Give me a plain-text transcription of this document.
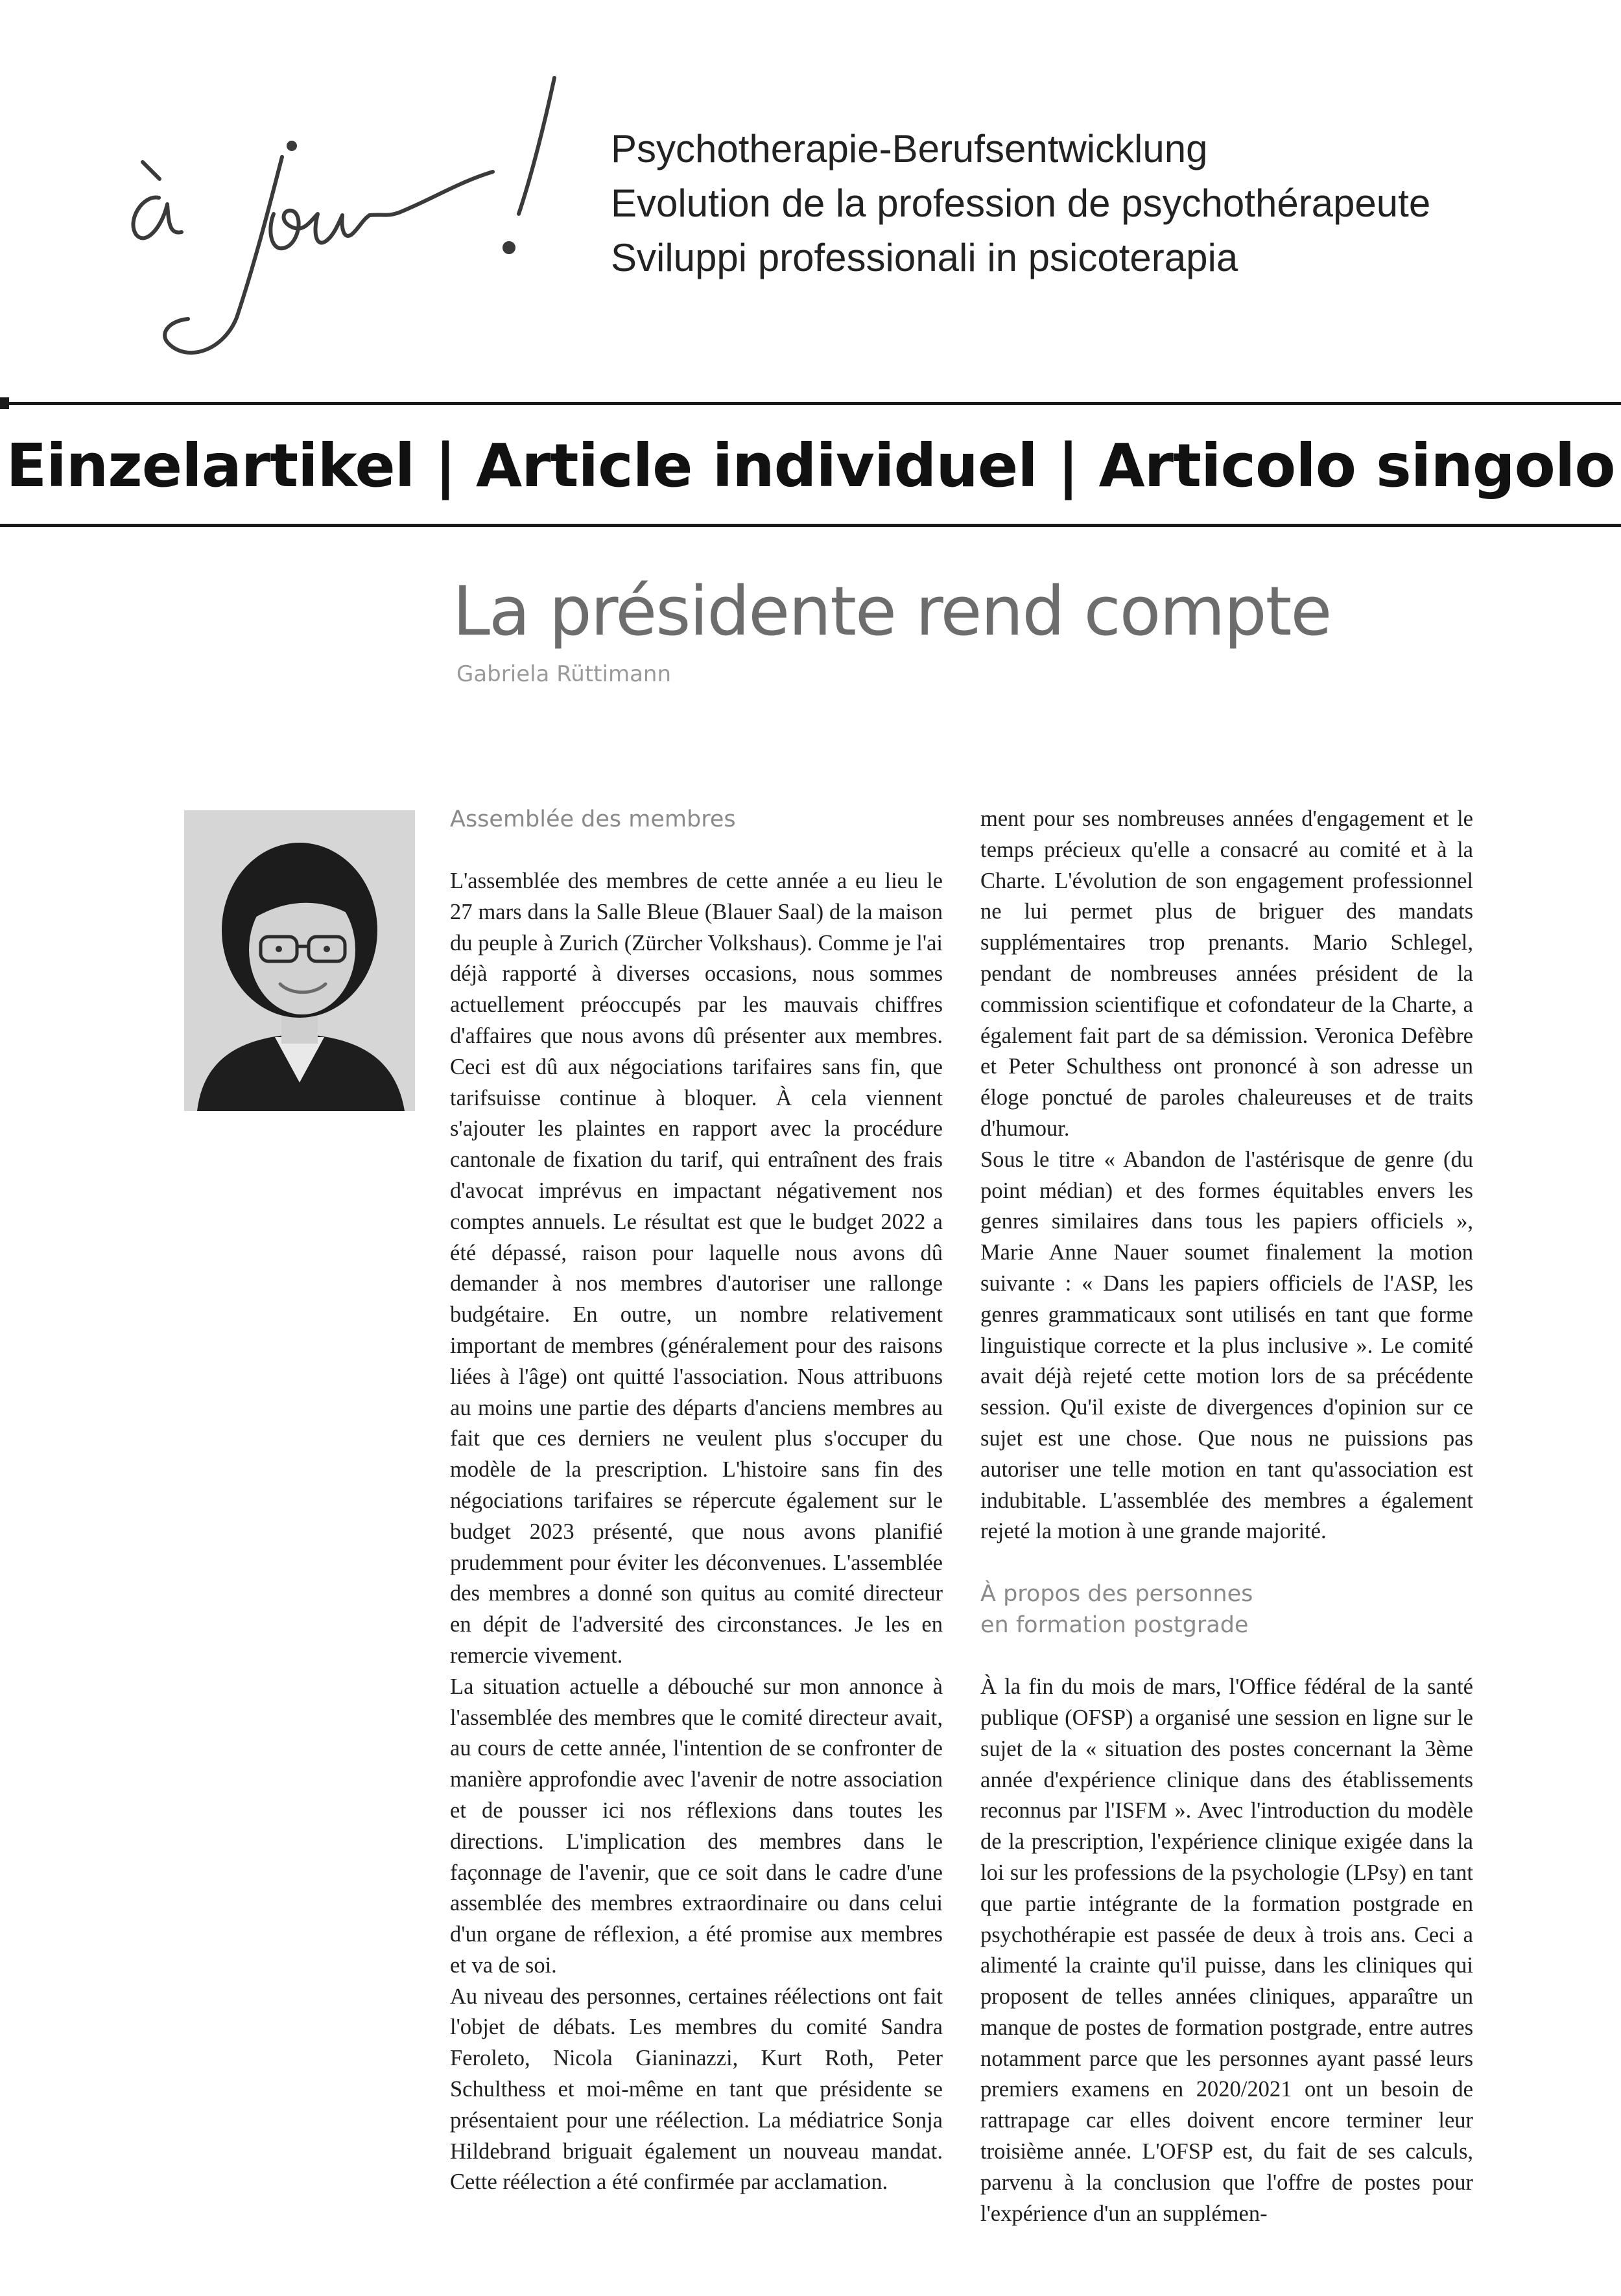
Psychotherapie-Berufsentwicklung
Evolution de la profession de psychothérapeute
Sviluppi professionali in psicoterapia
Einzelartikel | Article individuel | Articolo singolo
La présidente rend compte
Gabriela Rüttimann
Assemblée des membres

L'assemblée des membres de cette année a eu lieu le 27 mars dans la Salle Bleue (Blauer Saal) de la maison du peuple à Zurich (Zürcher Volkshaus). Comme je l'ai déjà rapporté à diverses occasions, nous sommes actuellement préoccupés par les mauvais chiffres d'affaires que nous avons dû présenter aux membres. Ceci est dû aux négociations tarifaires sans fin, que tarifsuisse continue à bloquer. À cela viennent s'ajouter les plaintes en rapport avec la procédure cantonale de fixation du tarif, qui entraînent des frais d'avocat imprévus en impactant négativement nos comptes annuels. Le résultat est que le budget 2022 a été dépassé, raison pour laquelle nous avons dû demander à nos membres d'autoriser une rallonge budgétaire. En outre, un nombre relativement important de membres (généralement pour des raisons liées à l'âge) ont quitté l'association. Nous attribuons au moins une partie des départs d'anciens membres au fait que ces derniers ne veulent plus s'occuper du modèle de la prescription. L'histoire sans fin des négociations tarifaires se répercute également sur le budget 2023 présenté, que nous avons planifié prudemment pour éviter les déconvenues. L'assemblée des membres a donné son quitus au comité directeur en dépit de l'adversité des circonstances. Je les en remercie vivement.

La situation actuelle a débouché sur mon annonce à l'assemblée des membres que le comité directeur avait, au cours de cette année, l'intention de se confronter de manière approfondie avec l'avenir de notre association et de pousser ici nos réflexions dans toutes les directions. L'implication des membres dans le façonnage de l'avenir, que ce soit dans le cadre d'une assemblée des membres extraordinaire ou dans celui d'un organe de réflexion, a été promise aux membres et va de soi.

Au niveau des personnes, certaines réélections ont fait l'objet de débats. Les membres du comité Sandra Feroleto, Nicola Gianinazzi, Kurt Roth, Peter Schulthess et moi-même en tant que présidente se présentaient pour une réélection. La médiatrice Sonja Hildebrand briguait également un nouveau mandat. Cette réélection a été confirmée par acclamation.

ment pour ses nombreuses années d'engagement et le temps précieux qu'elle a consacré au comité et à la Charte. L'évolution de son engagement professionnel ne lui permet plus de briguer des mandats supplémentaires trop prenants. Mario Schlegel, pendant de nombreuses années président de la commission scientifique et cofondateur de la Charte, a également fait part de sa démission. Veronica Defèbre et Peter Schulthess ont prononcé à son adresse un éloge ponctué de paroles chaleureuses et de traits d'humour.

Sous le titre « Abandon de l'astérisque de genre (du point médian) et des formes équitables envers les genres similaires dans tous les papiers officiels », Marie Anne Nauer soumet finalement la motion suivante : « Dans les papiers officiels de l'ASP, les genres grammaticaux sont utilisés en tant que forme linguistique correcte et la plus inclusive ». Le comité avait déjà rejeté cette motion lors de sa précédente session. Qu'il existe de divergences d'opinion sur ce sujet est une chose. Que nous ne puissions pas autoriser une telle motion en tant qu'association est indubitable. L'assemblée des membres a également rejeté la motion à une grande majorité.

À propos des personnes
en formation postgrade

À la fin du mois de mars, l'Office fédéral de la santé publique (OFSP) a organisé une session en ligne sur le sujet de la « situation des postes concernant la 3ème année d'expérience clinique dans des établissements reconnus par l'ISFM ». Avec l'introduction du modèle de la prescription, l'expérience clinique exigée dans la loi sur les professions de la psychologie (LPsy) en tant que partie intégrante de la formation postgrade en psychothérapie est passée de deux à trois ans. Ceci a alimenté la crainte qu'il puisse, dans les cliniques qui proposent de telles années cliniques, apparaître un manque de postes de formation postgrade, entre autres notamment parce que les personnes ayant passé leurs premiers examens en 2020/2021 ont un besoin de rattrapage car elles doivent encore terminer leur troisième année. L'OFSP est, du fait de ses calculs, parvenu à la conclusion que l'offre de postes pour l'expérience d'un an supplémen-
